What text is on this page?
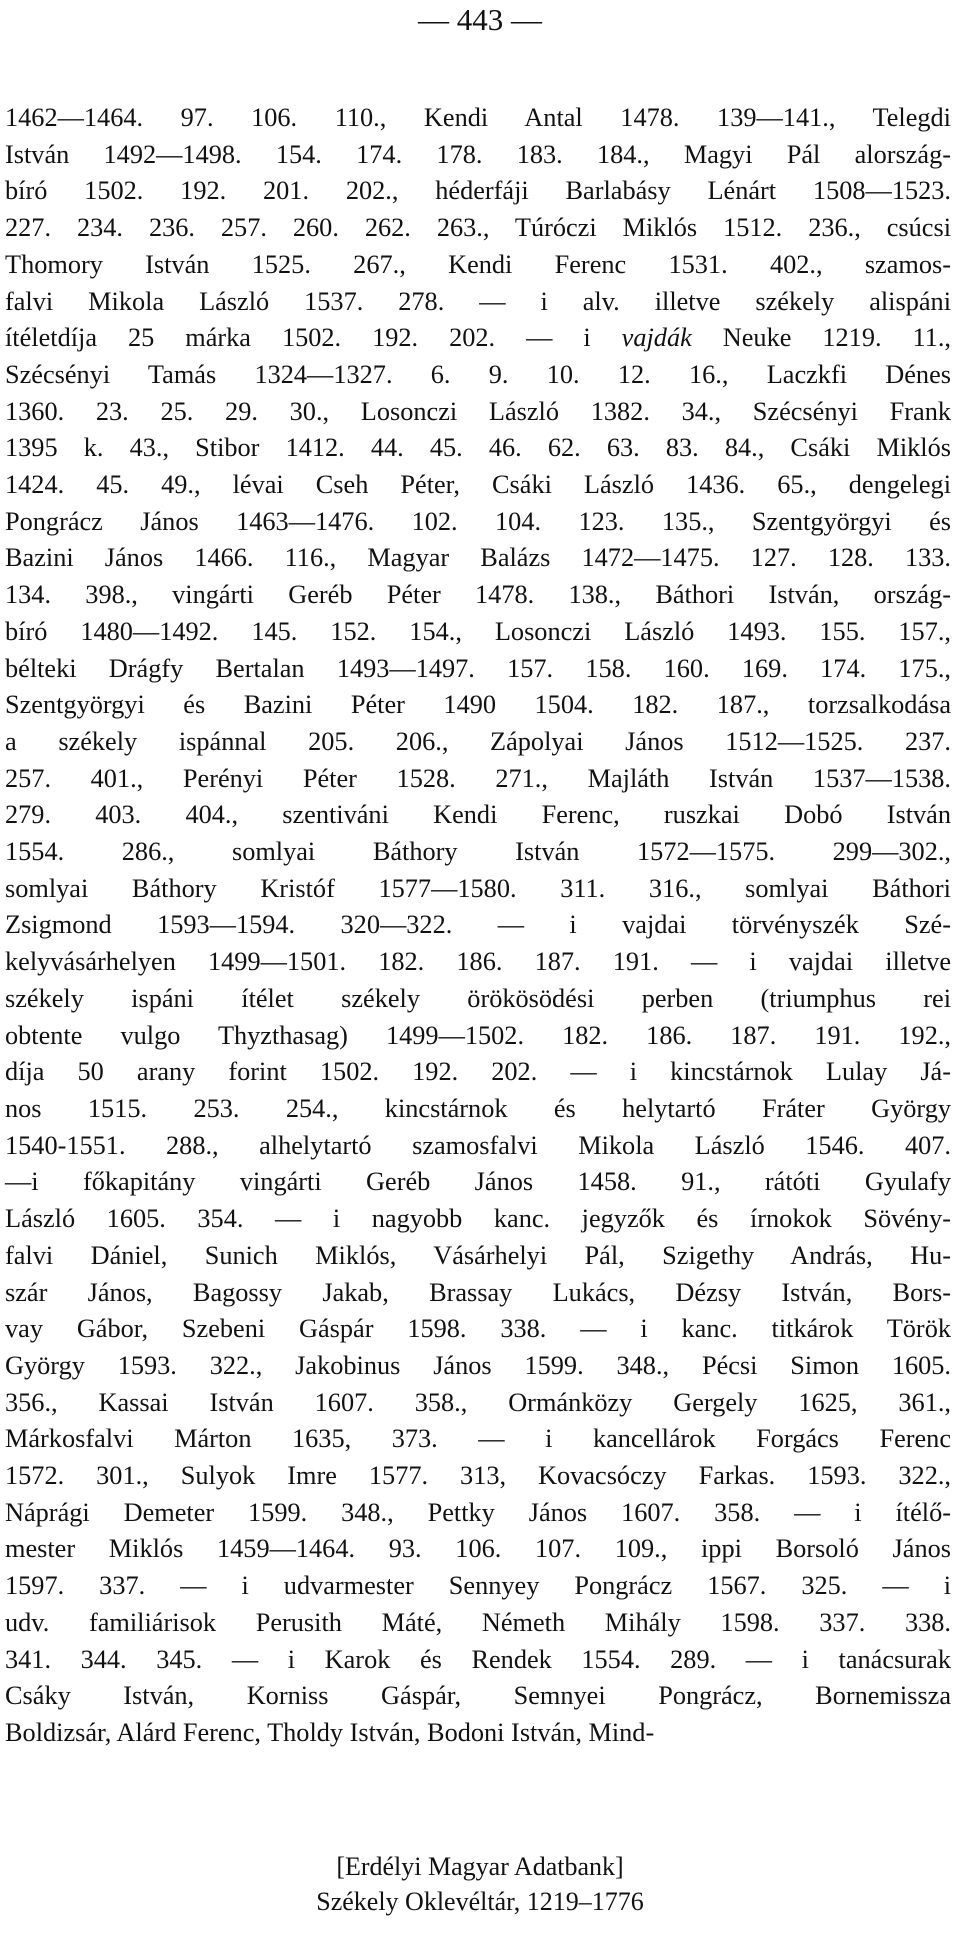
— 443 —
1462—1464. 97. 106. 110., Kendi Antal 1478. 139—141., Telegdi
István 1492—1498. 154. 174. 178. 183. 184., Magyi Pál alország-
bíró 1502. 192. 201. 202., héderfáji Barlabásy Lénárt 1508—1523.
227. 234. 236. 257. 260. 262. 263., Túróczi Miklós 1512. 236., csúcsi
Thomory István 1525. 267., Kendi Ferenc 1531. 402., szamos-
falvi Mikola László 1537. 278. — i alv. illetve székely alispáni
ítéletdíja 25 márka 1502. 192. 202. — i vajdák Neuke 1219. 11.,
Szécsényi Tamás 1324—1327. 6. 9. 10. 12. 16., Laczkfi Dénes
1360. 23. 25. 29. 30., Losonczi László 1382. 34., Szécsényi Frank
1395 k. 43., Stibor 1412. 44. 45. 46. 62. 63. 83. 84., Csáki Miklós
1424. 45. 49., lévai Cseh Péter, Csáki László 1436. 65., dengelegi
Pongrácz János 1463—1476. 102. 104. 123. 135., Szentgyörgyi és
Bazini János 1466. 116., Magyar Balázs 1472—1475. 127. 128. 133.
134. 398., vingárti Geréb Péter 1478. 138., Báthori István, ország-
bíró 1480—1492. 145. 152. 154., Losonczi László 1493. 155. 157.,
bélteki Drágfy Bertalan 1493—1497. 157. 158. 160. 169. 174. 175.,
Szentgyörgyi és Bazini Péter 1490 1504. 182. 187., torzsalkodása
a székely ispánnal 205. 206., Zápolyai János 1512—1525. 237.
257. 401., Perényi Péter 1528. 271., Majláth István 1537—1538.
279. 403. 404., szentiváni Kendi Ferenc, ruszkai Dobó István
1554. 286., somlyai Báthory István 1572—1575. 299—302.,
somlyai Báthory Kristóf 1577—1580. 311. 316., somlyai Báthori
Zsigmond 1593—1594. 320—322. — i vajdai törvényszék Szé-
kelyvásárhelyen 1499—1501. 182. 186. 187. 191. — i vajdai illetve
székely ispáni ítélet székely örökösödési perben (triumphus rei
obtente vulgo Thyzthasag) 1499—1502. 182. 186. 187. 191. 192.,
díja 50 arany forint 1502. 192. 202. — i kincstárnok Lulay Já-
nos 1515. 253. 254., kincstárnok és helytartó Fráter György
1540-1551. 288., alhelytartó szamosfalvi Mikola László 1546. 407.
—i főkapitány vingárti Geréb János 1458. 91., rátóti Gyulafy
László 1605. 354. — i nagyobb kanc. jegyzők és írnokok Sövény-
falvi Dániel, Sunich Miklós, Vásárhelyi Pál, Szigethy András, Hu-
szár János, Bagossy Jakab, Brassay Lukács, Dézsy István, Bors-
vay Gábor, Szebeni Gáspár 1598. 338. — i kanc. titkárok Török
György 1593. 322., Jakobinus János 1599. 348., Pécsi Simon 1605.
356., Kassai István 1607. 358., Ormánközy Gergely 1625, 361.,
Márkosfalvi Márton 1635, 373. — i kancellárok Forgács Ferenc
1572. 301., Sulyok Imre 1577. 313, Kovacsóczy Farkas. 1593. 322.,
Náprági Demeter 1599. 348., Pettky János 1607. 358. — i ítélő-
mester Miklós 1459—1464. 93. 106. 107. 109., ippi Borsoló János
1597. 337. — i udvarmester Sennyey Pongrácz 1567. 325. — i
udv. familiárisok Perusith Máté, Németh Mihály 1598. 337. 338.
341. 344. 345. — i Karok és Rendek 1554. 289. — i tanácsurak
Csáky István, Korniss Gáspár, Semnyei Pongrácz, Bornemissza
Boldizsár, Alárd Ferenc, Tholdy István, Bodoni István, Mind-
[Erdélyi Magyar Adatbank]
Székely Oklevéltár, 1219–1776
